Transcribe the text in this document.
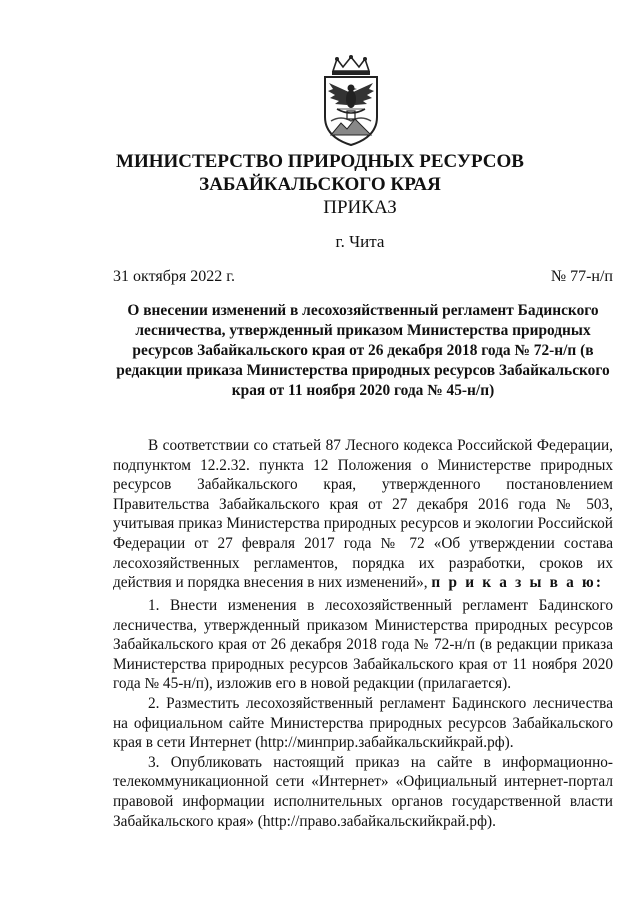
МИНИСТЕРСТВО ПРИРОДНЫХ РЕСУРСОВ
ЗАБАЙКАЛЬСКОГО КРАЯ

ПРИКАЗ

г. Чита

31 октября 2022 г.	№ 77-н/п

О внесении изменений в лесохозяйственный регламент Бадинского лесничества, утвержденный приказом Министерства природных ресурсов Забайкальского края от 26 декабря 2018 года № 72-н/п (в редакции приказа Министерства природных ресурсов Забайкальского края от 11 ноября 2020 года № 45-н/п)

В соответствии со статьей 87 Лесного кодекса Российской Федерации, подпунктом 12.2.32. пункта 12 Положения о Министерстве природных ресурсов Забайкальского края, утвержденного постановлением Правительства Забайкальского края от 27 декабря 2016 года № 503, учитывая приказ Министерства природных ресурсов и экологии Российской Федерации от 27 февраля 2017 года № 72 «Об утверждении состава лесохозяйственных регламентов, порядка их разработки, сроков их действия и порядка внесения в них изменений», п р и к а з ы в а ю:

1. Внести изменения в лесохозяйственный регламент Бадинского лесничества, утвержденный приказом Министерства природных ресурсов Забайкальского края от 26 декабря 2018 года № 72-н/п (в редакции приказа Министерства природных ресурсов Забайкальского края от 11 ноября 2020 года № 45-н/п), изложив его в новой редакции (прилагается).

2. Разместить лесохозяйственный регламент Бадинского лесничества на официальном сайте Министерства природных ресурсов Забайкальского края в сети Интернет (http://минприр.забайкальскийкрай.рф).

3. Опубликовать настоящий приказ на сайте в информационно-телекоммуникационной сети «Интернет» «Официальный интернет-портал правовой информации исполнительных органов государственной власти Забайкальского края» (http://право.забайкальскийкрай.рф).
